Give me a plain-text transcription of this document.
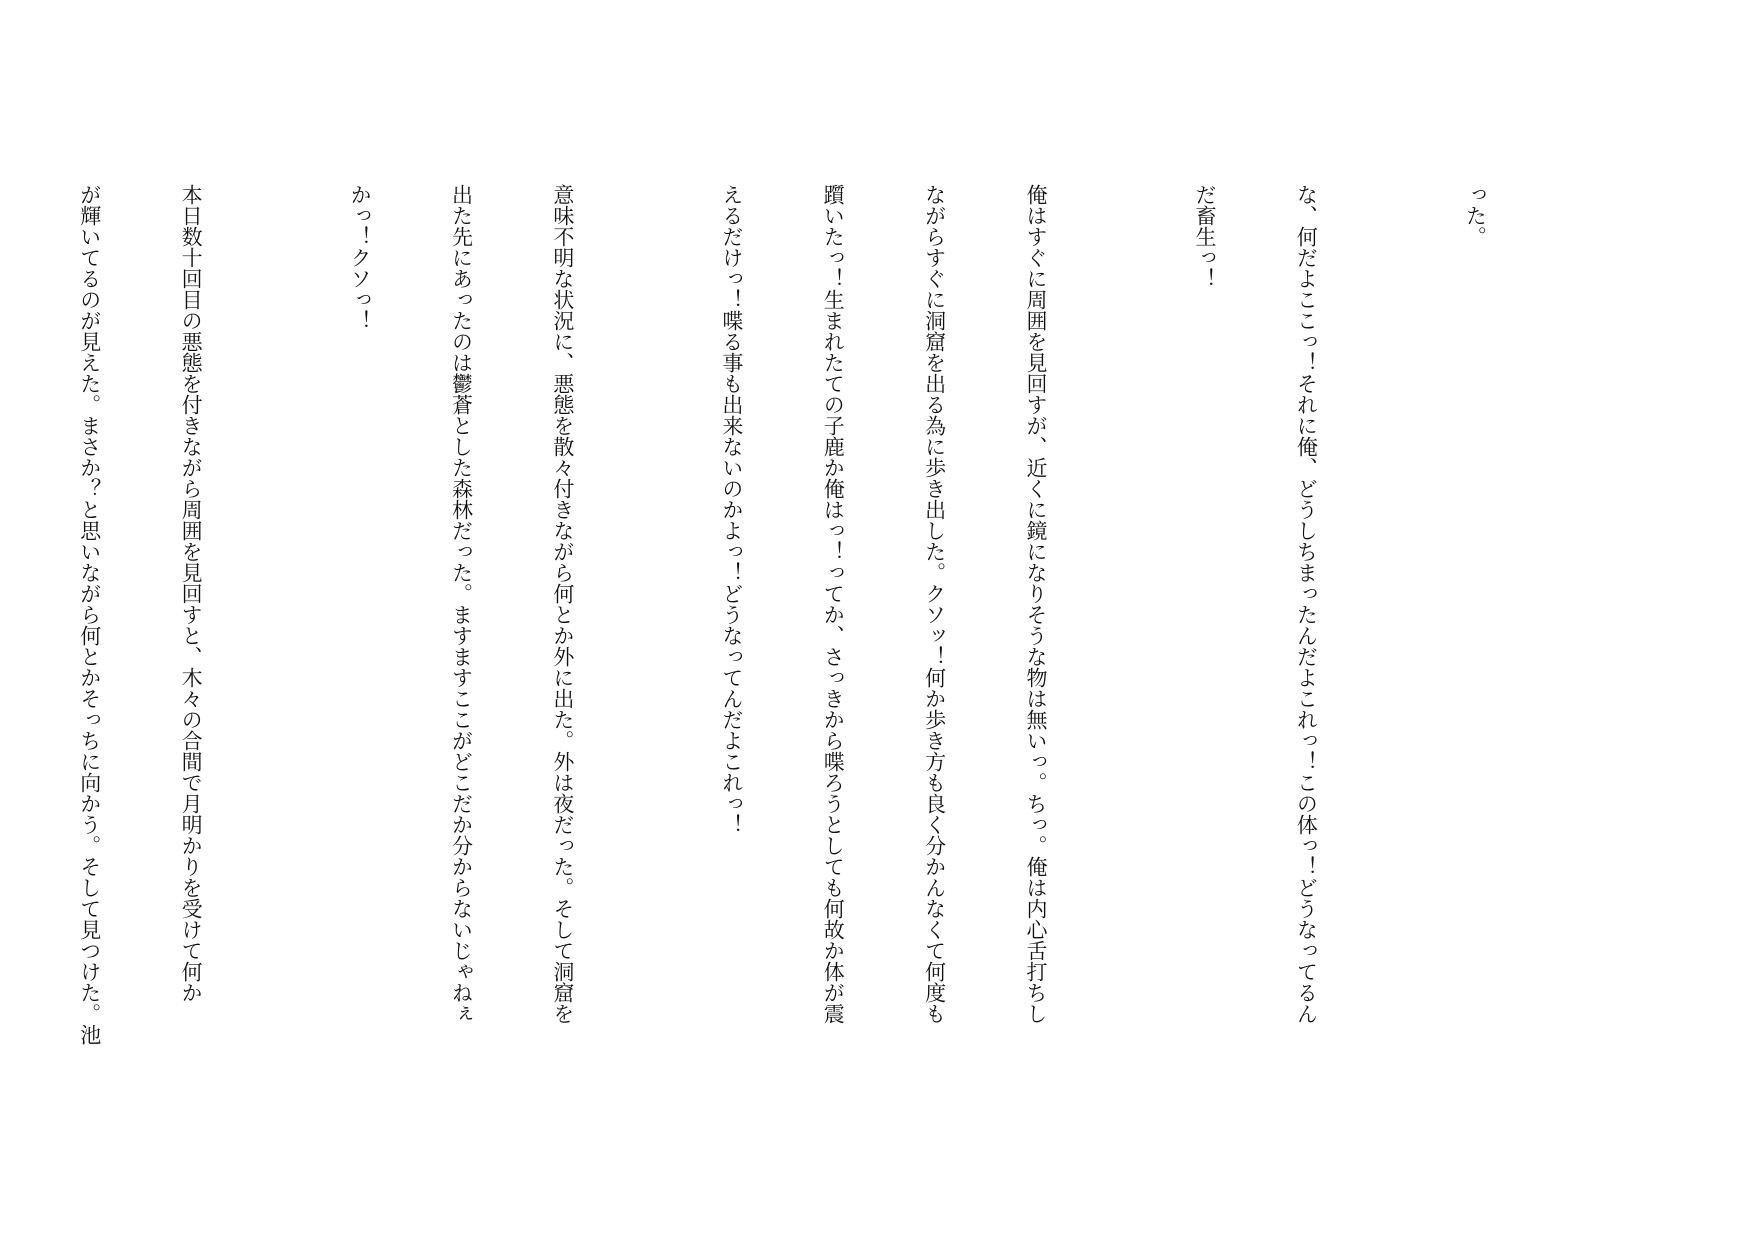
った。

な、何だよここっ！それに俺、どうしちまったんだよこれっ！この体っ！どうなってるん

だ畜生っ！

俺はすぐに周囲を見回すが、近くに鏡になりそうな物は無いっ。ちっ。俺は内心舌打ちし

ながらすぐに洞窟を出る為に歩き出した。クソッ！何か歩き方も良く分かんなくて何度も

躓いたっ！生まれたての子鹿か俺はっ！ってか、さっきから喋ろうとしても何故か体が震

えるだけっ！喋る事も出来ないのかよっ！どうなってんだよこれっ！

意味不明な状況に、悪態を散々付きながら何とか外に出た。外は夜だった。そして洞窟を

出た先にあったのは鬱蒼とした森林だった。ますますここがどこだか分からないじゃねぇ

かっ！クソっ！

本日数十回目の悪態を付きながら周囲を見回すと、木々の合間で月明かりを受けて何か

が輝いてるのが見えた。まさか？と思いながら何とかそっちに向かう。そして見つけた。池
